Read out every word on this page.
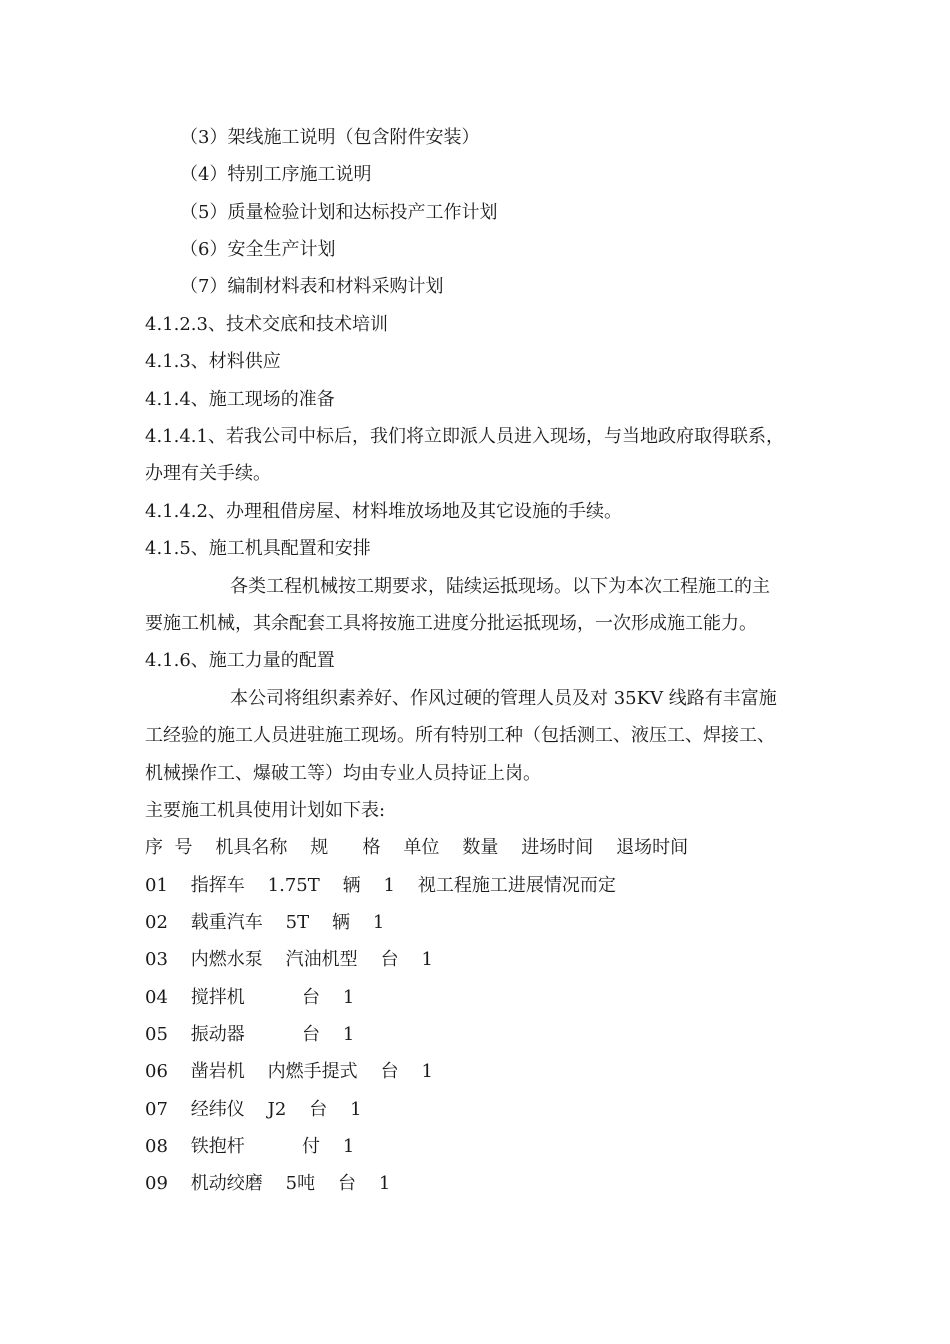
（3）架线施工说明（包含附件安装）
（4）特别工序施工说明
（5）质量检验计划和达标投产工作计划
（6）安全生产计划
（7）编制材料表和材料采购计划
4.1.2.3、技术交底和技术培训
4.1.3、材料供应
4.1.4、施工现场的准备
4.1.4.1、若我公司中标后，我们将立即派人员进入现场，与当地政府取得联系，
办理有关手续。
4.1.4.2、办理租借房屋、材料堆放场地及其它设施的手续。
4.1.5、施工机具配置和安排
各类工程机械按工期要求，陆续运抵现场。以下为本次工程施工的主
要施工机械，其余配套工具将按施工进度分批运抵现场，一次形成施工能力。
4.1.6、施工力量的配置
本公司将组织素养好、作风过硬的管理人员及对 35KV 线路有丰富施
工经验的施工人员进驻施工现场。所有特别工种（包括测工、液压工、焊接工、
机械操作工、爆破工等）均由专业人员持证上岗。
主要施工机具使用计划如下表:
序  号    机具名称    规      格    单位    数量    进场时间    退场时间
01    指挥车    1.75T    辆    1    视工程施工进展情况而定
02    载重汽车    5T    辆    1
03    内燃水泵    汽油机型    台    1
04    搅拌机          台    1
05    振动器          台    1
06    凿岩机    内燃手提式    台    1
07    经纬仪    J2    台    1
08    铁抱杆          付    1
09    机动绞磨    5吨    台    1
